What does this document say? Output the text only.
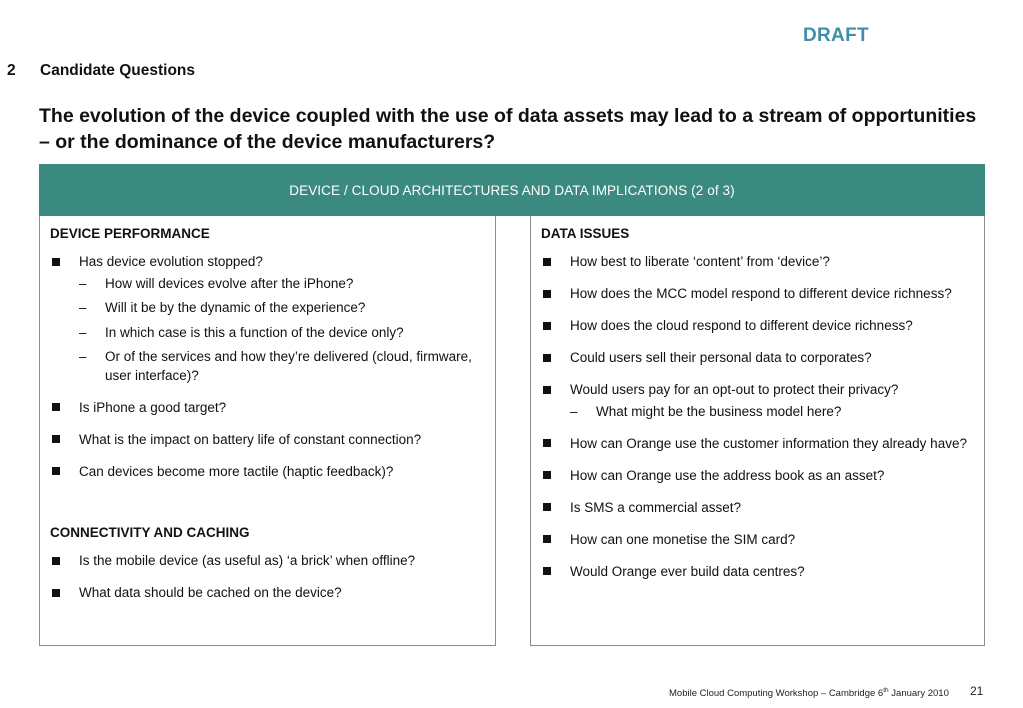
DRAFT
2 Candidate Questions
The evolution of the device coupled with the use of data assets may lead to a stream of opportunities – or the dominance of the device manufacturers?
DEVICE / CLOUD ARCHITECTURES AND DATA IMPLICATIONS (2 of 3)
DEVICE PERFORMANCE
Has device evolution stopped?
– How will devices evolve after the iPhone?
– Will it be by the dynamic of the experience?
– In which case is this a function of the device only?
– Or of the services and how they’re delivered (cloud, firmware, user interface)?
Is iPhone a good target?
What is the impact on battery life of constant connection?
Can devices become more tactile (haptic feedback)?
CONNECTIVITY AND CACHING
Is the mobile device (as useful as) ‘a brick’ when offline?
What data should be cached on the device?
DATA ISSUES
How best to liberate ‘content’ from ‘device’?
How does the MCC model respond to different device richness?
How does the cloud respond to different device richness?
Could users sell their personal data to corporates?
Would users pay for an opt-out to protect their privacy?
– What might be the business model here?
How can Orange use the customer information they already have?
How can Orange use the address book as an asset?
Is SMS a commercial asset?
How can one monetise the SIM card?
Would Orange ever build data centres?
Mobile Cloud Computing Workshop – Cambridge 6th January 2010 21
